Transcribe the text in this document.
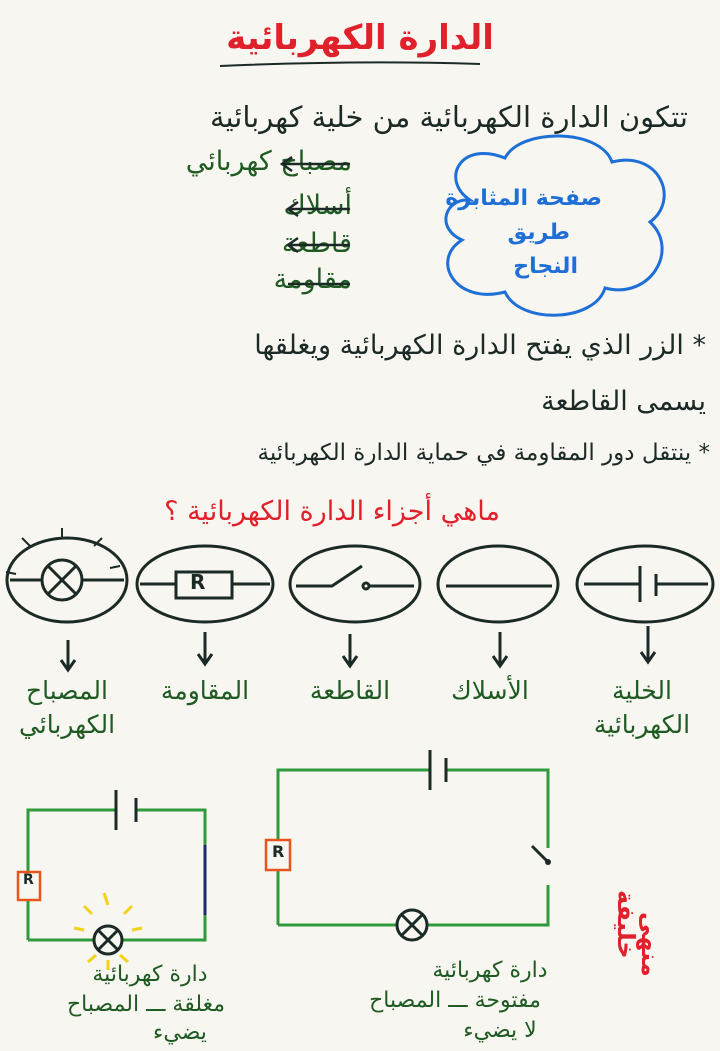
الدارة الكهربائية
تتكون الدارة الكهربائية من خلية كهربائية
مصباح كهربائي
أسلاك
قاطعة
مقاومة
صفحة المثابرة
طريق
النجاح
* الزر الذي يفتح الدارة الكهربائية ويغلقها
يسمى القاطعة
* ينتقل دور المقاومة في حماية الدارة الكهربائية
ماهي أجزاء الدارة الكهربائية ؟
R
المصباح
الكهربائي
المقاومة	القاطعة	الأسلاك	الخلية
الكهربائية
R
R
دارة كهربائية
مغلقة ـــ المصباح
يضيء
دارة كهربائية
مفتوحة ـــ المصباح
لا يضيء
منهى
خليفة
